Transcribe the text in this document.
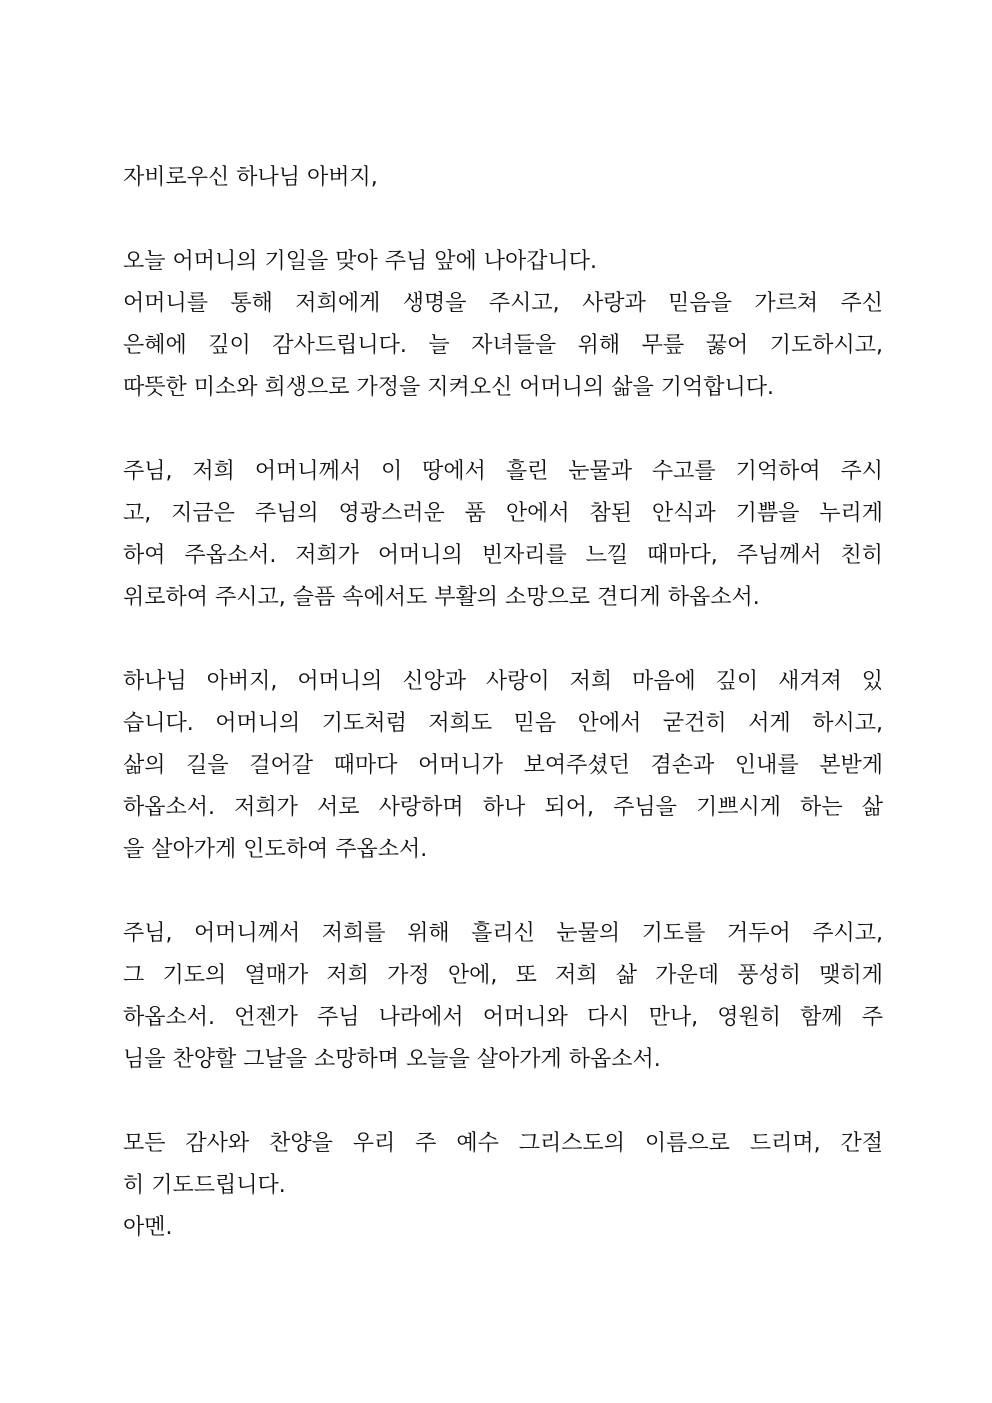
자비로우신 하나님 아버지,
오늘 어머니의 기일을 맞아 주님 앞에 나아갑니다.
어머니를 통해 저희에게 생명을 주시고, 사랑과 믿음을 가르쳐 주신
은혜에 깊이 감사드립니다. 늘 자녀들을 위해 무릎 꿇어 기도하시고,
따뜻한 미소와 희생으로 가정을 지켜오신 어머니의 삶을 기억합니다.
주님, 저희 어머니께서 이 땅에서 흘린 눈물과 수고를 기억하여 주시
고, 지금은 주님의 영광스러운 품 안에서 참된 안식과 기쁨을 누리게
하여 주옵소서. 저희가 어머니의 빈자리를 느낄 때마다, 주님께서 친히
위로하여 주시고, 슬픔 속에서도 부활의 소망으로 견디게 하옵소서.
하나님 아버지, 어머니의 신앙과 사랑이 저희 마음에 깊이 새겨져 있
습니다. 어머니의 기도처럼 저희도 믿음 안에서 굳건히 서게 하시고,
삶의 길을 걸어갈 때마다 어머니가 보여주셨던 겸손과 인내를 본받게
하옵소서. 저희가 서로 사랑하며 하나 되어, 주님을 기쁘시게 하는 삶
을 살아가게 인도하여 주옵소서.
주님, 어머니께서 저희를 위해 흘리신 눈물의 기도를 거두어 주시고,
그 기도의 열매가 저희 가정 안에, 또 저희 삶 가운데 풍성히 맺히게
하옵소서. 언젠가 주님 나라에서 어머니와 다시 만나, 영원히 함께 주
님을 찬양할 그날을 소망하며 오늘을 살아가게 하옵소서.
모든 감사와 찬양을 우리 주 예수 그리스도의 이름으로 드리며, 간절
히 기도드립니다.
아멘.
